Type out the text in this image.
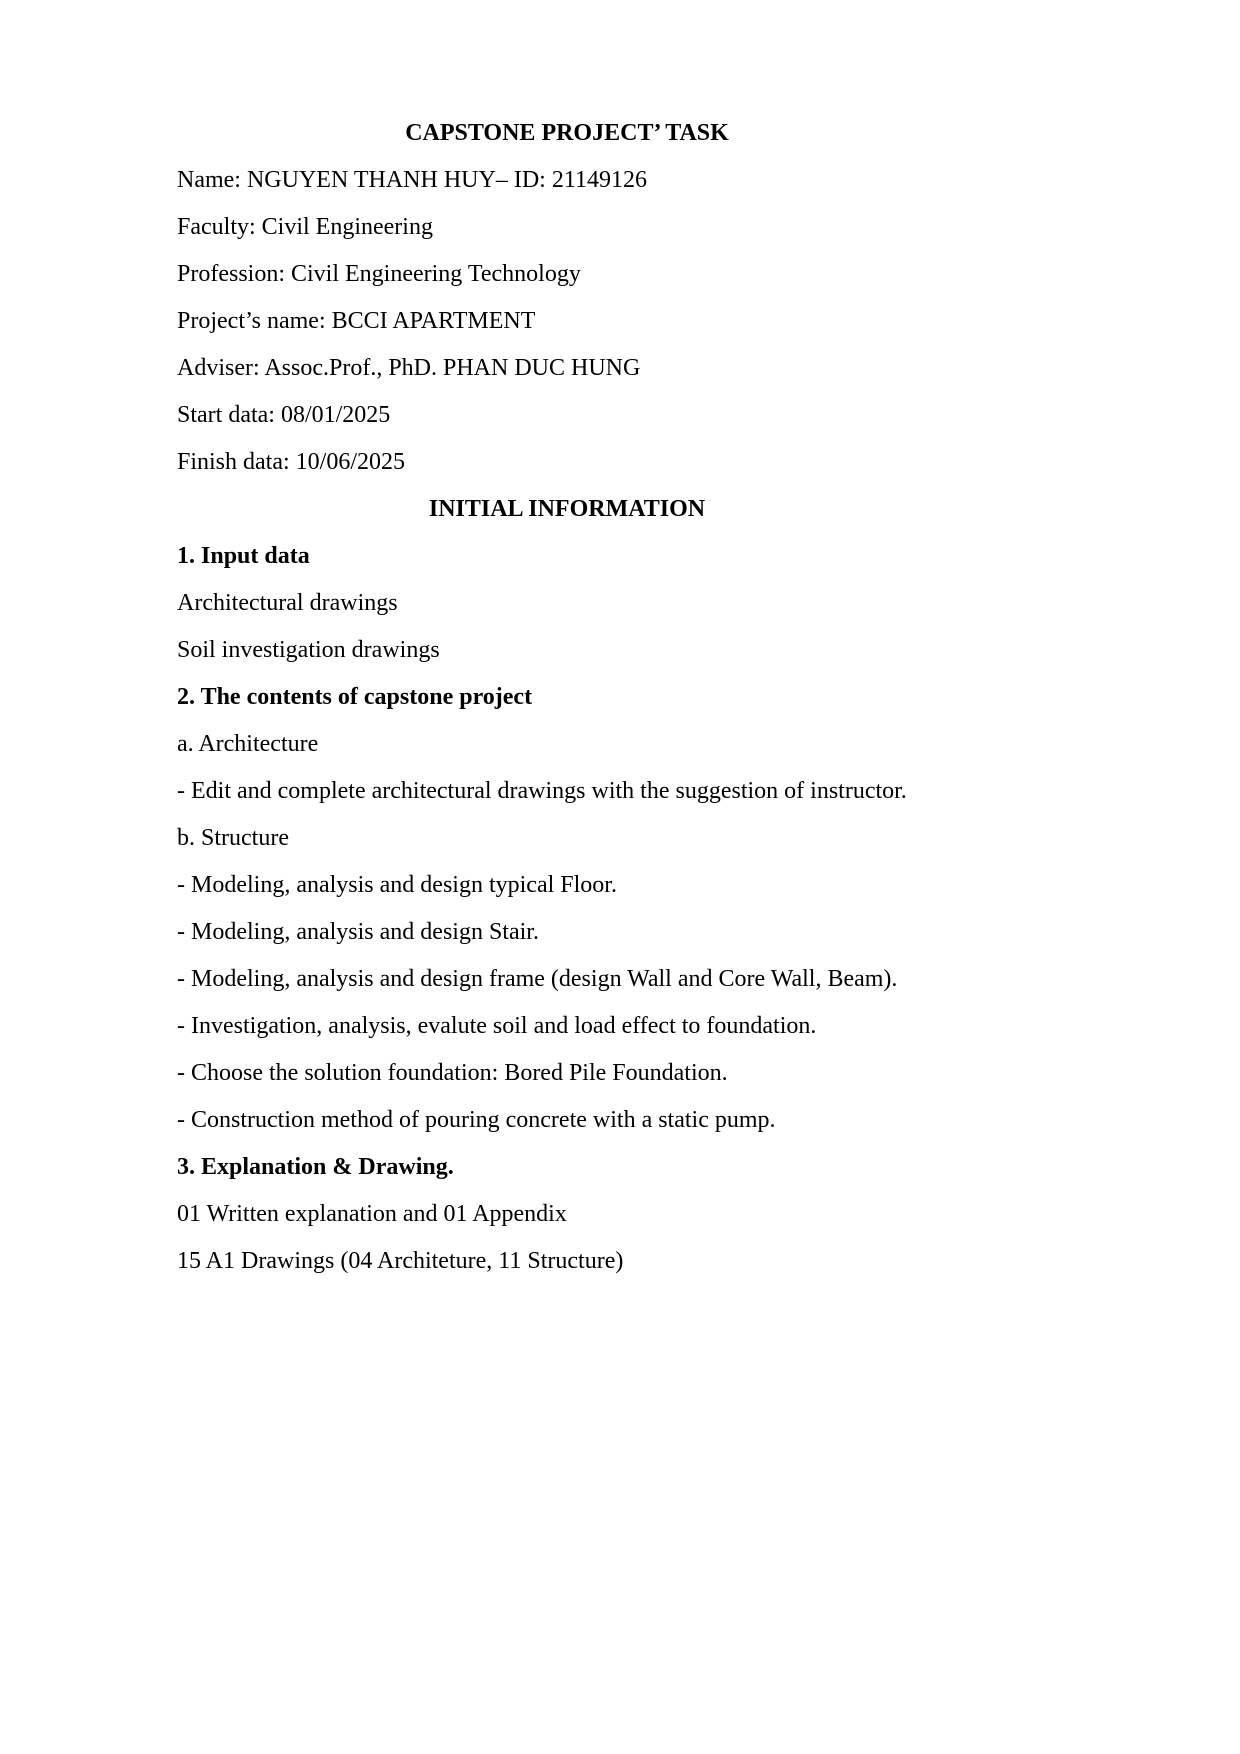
CAPSTONE PROJECT’ TASK
Name: NGUYEN THANH HUY– ID: 21149126
Faculty: Civil Engineering
Profession: Civil Engineering Technology
Project’s name: BCCI APARTMENT
Adviser: Assoc.Prof., PhD. PHAN DUC HUNG
Start data: 08/01/2025
Finish data: 10/06/2025
INITIAL INFORMATION
1. Input data
Architectural drawings
Soil investigation drawings
2. The contents of capstone project
a. Architecture
- Edit and complete architectural drawings with the suggestion of instructor.
b. Structure
- Modeling, analysis and design typical Floor.
- Modeling, analysis and design Stair.
- Modeling, analysis and design frame (design Wall and Core Wall, Beam).
- Investigation, analysis, evalute soil and load effect to foundation.
- Choose the solution foundation: Bored Pile Foundation.
- Construction method of pouring concrete with a static pump.
3. Explanation & Drawing.
01 Written explanation and 01 Appendix
15 A1 Drawings (04 Architeture, 11 Structure)
